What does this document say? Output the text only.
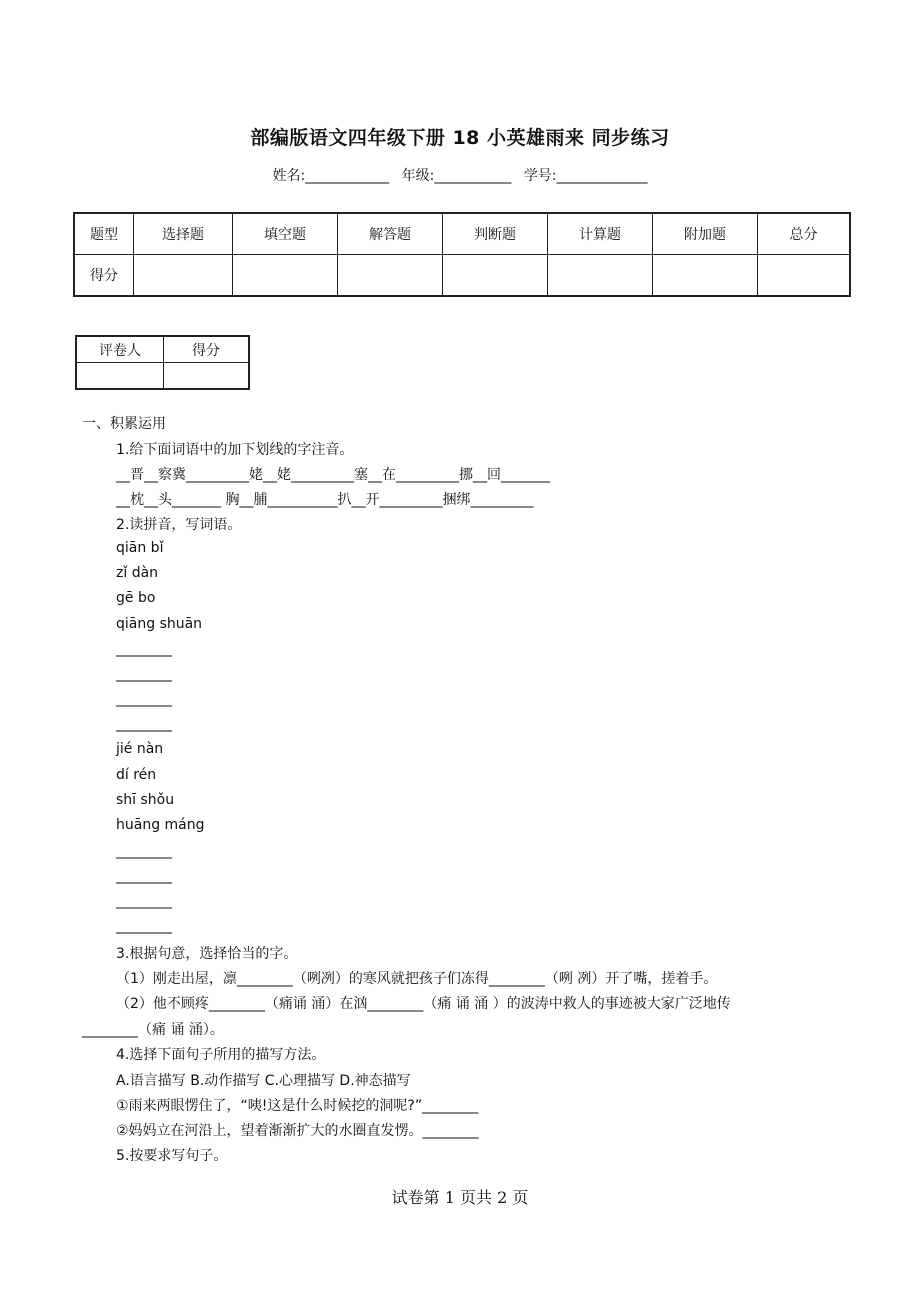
部编版语文四年级下册 18 小英雄雨来 同步练习
姓名:____________ 年级:___________ 学号:_____________
题型	选择题	填空题	解答题	判断题	计算题	附加题	总分
得分							
评卷人	得分

一、积累运用
1.给下面词语中的加下划线的字注音。
__晋__察冀_________姥__姥_________塞__在_________挪__回_______
__枕__头_______ 胸__脯__________扒__开_________捆绑_________
2.读拼音，写词语。
qiān bǐ
zǐ dàn
gē bo
qiāng shuān
________
________
________
________
jié nàn
dí rén
shī shǒu
huāng máng
________
________
________
________
3.根据句意，选择恰当的字。
（1）刚走出屋，凛________（咧冽）的寒风就把孩子们冻得________（咧 冽）开了嘴，搓着手。
（2）他不顾疼________（痛诵 涌）在汹________（痛 诵 涌 ）的波涛中救人的事迹被大家广泛地传
________（痛 诵 涌）。
4.选择下面句子所用的描写方法。
A.语言描写 B.动作描写 C.心理描写 D.神态描写
①雨来两眼愣住了，“咦!这是什么时候挖的洞呢?”________
②妈妈立在河沿上，望着渐渐扩大的水圈直发愣。________
5.按要求写句子。
试卷第 1 页共 2 页
